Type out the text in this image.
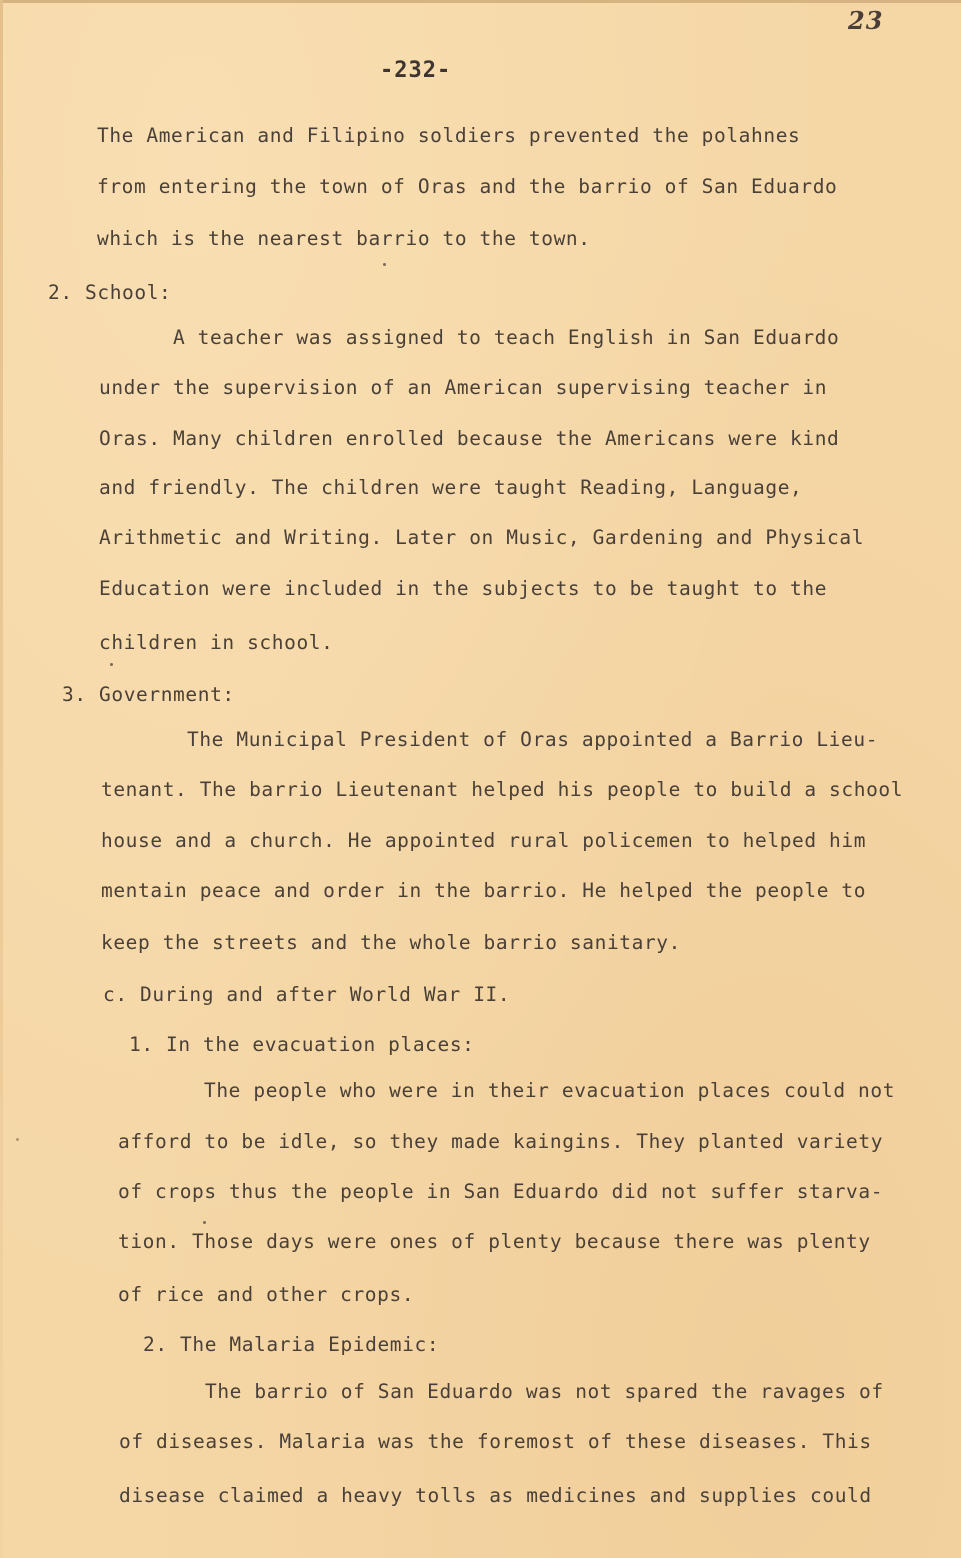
23
-232-
The American and Filipino soldiers prevented the polahnes
from entering the town of Oras and the barrio of San Eduardo
which is the nearest barrio to the town.
2. School:
A teacher was assigned to teach English in San Eduardo
under the supervision of an American supervising teacher in
Oras. Many children enrolled because the Americans were kind
and friendly. The children were taught Reading, Language,
Arithmetic and Writing. Later on Music, Gardening and Physical
Education were included in the subjects to be taught to the
children in school.
3. Government:
The Municipal President of Oras appointed a Barrio Lieu-
tenant. The barrio Lieutenant helped his people to build a school
house and a church. He appointed rural policemen to helped him
mentain peace and order in the barrio. He helped the people to
keep the streets and the whole barrio sanitary.
c. During and after World War II.
1. In the evacuation places:
The people who were in their evacuation places could not
afford to be idle, so they made kaingins. They planted variety
of crops thus the people in San Eduardo did not suffer starva-
tion. Those days were ones of plenty because there was plenty
of rice and other crops.
2. The Malaria Epidemic:
The barrio of San Eduardo was not spared the ravages of
of diseases. Malaria was the foremost of these diseases. This
disease claimed a heavy tolls as medicines and supplies could
